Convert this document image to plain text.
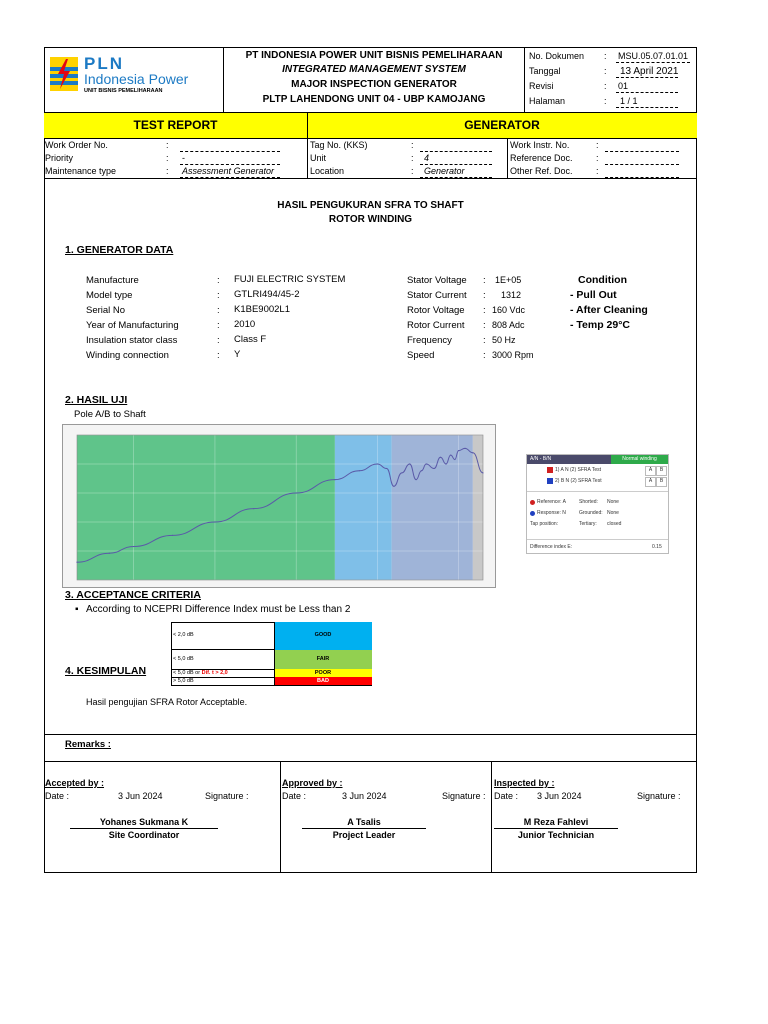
PLN
Indonesia Power
UNIT BISNIS PEMELIHARAAN
PT INDONESIA POWER UNIT BISNIS PEMELIHARAAN
INTEGRATED MANAGEMENT SYSTEM
MAJOR INSPECTION GENERATOR
PLTP LAHENDONG UNIT 04 - UBP KAMOJANG
No. Dokumen : MSU.05.07.01.01
Tanggal	: 13 April 2021
Revisi	: 01
Halaman	: 1 / 1
TEST REPORT	GENERATOR
Work Order No.	:
Priority	: -
Maintenance type	: Assessment Generator
Tag No. (KKS)	:
Unit	: 4
Location	: Generator
Work Instr. No.	:
Reference Doc.	:
Other Ref. Doc.	:
HASIL PENGUKURAN SFRA TO SHAFT
ROTOR WINDING
1. GENERATOR DATA
Manufacture	: FUJI ELECTRIC SYSTEM
Model type	: GTLRI494/45-2
Serial No	: K1BE9002L1
Year of Manufacturing	: 2010
Insulation stator class	: Class F
Winding connection	: Y
Stator Voltage : 1E+05
Stator Current : 1312
Rotor Voltage : 160 Vdc
Rotor Current : 808 Adc
Frequency	: 50 Hz
Speed	: 3000 Rpm
Condition
- Pull Out
- After Cleaning
- Temp 29°C
2. HASIL UJI
Pole A/B to Shaft
A/N - B/N	Normal winding
1) A N (2) SFRA Test	A	B
2) B N (2) SFRA Test	A	B
Reference: A	Shorted: None
Response: N	Grounded: None
Tap position:	Tertiary: closed
Difference index E:	0.15
3. ACCEPTANCE CRITERIA
▪ According to NCEPRI Difference Index must be Less than 2
< 2,0 dB	GOOD
< 5,0 dB	FAIR
< 5,0 dB or Dif. t > 2,0	POOR
> 5,0 dB	BAD
4. KESIMPULAN
Hasil pengujian SFRA Rotor Acceptable.
Remarks :
Accepted by :
Date :	3 Jun 2024	Signature :
Yohanes Sukmana K
Site Coordinator
Approved by :
Date :	3 Jun 2024	Signature :
A Tsalis
Project Leader
Inspected by :
Date : 3 Jun 2024	Signature :
M Reza Fahlevi
Junior Technician
